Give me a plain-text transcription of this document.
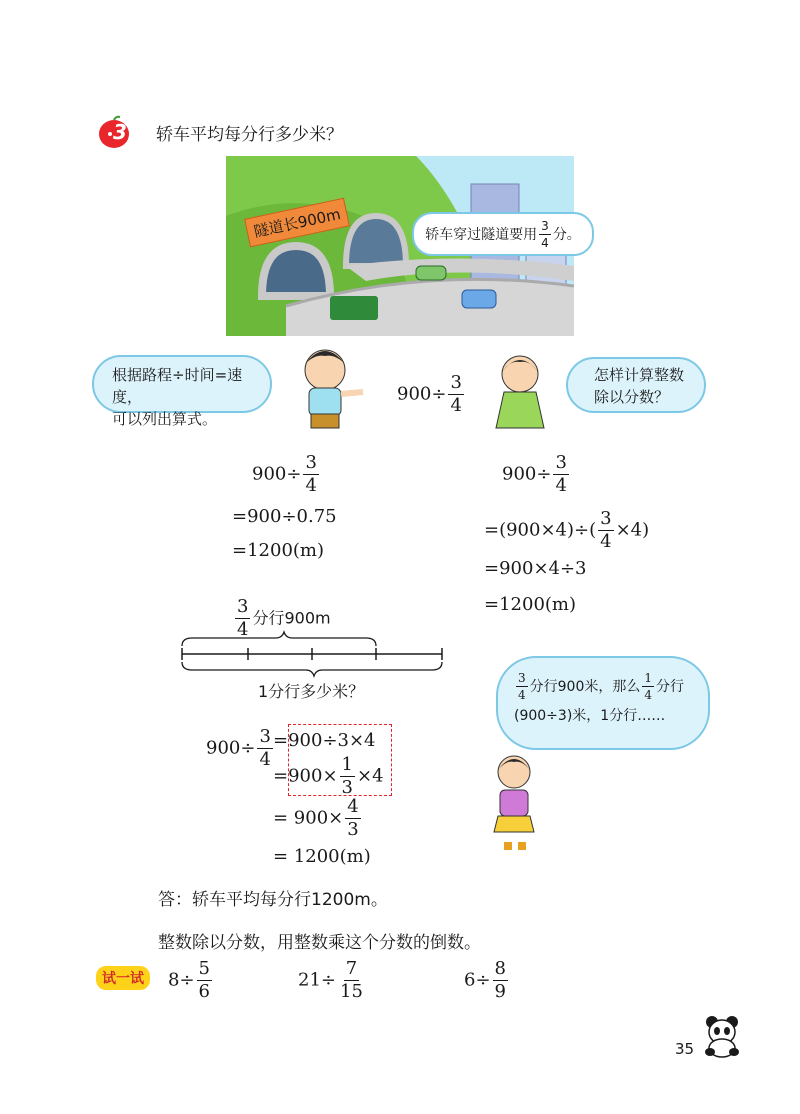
3 轿车平均每分行多少米？
隧道长900m	轿车穿过隧道要用 $\frac{3}{4}$ 分。
根据路程÷时间=速度，
可以列出算式。
$900\div \frac{3}{4}$	怎样计算整数
除以分数？
$900\div \frac{3}{4}$
=900÷0.75
=1200(m)
$900\div \frac{3}{4}$
$=(900\times 4)\div( \frac{3}{4} \times 4)$
=900×4÷3
=1200(m)
$\frac{3}{4}$ 分行900m
1分行多少米？	$\frac{3}{4}$ 分行900米，那么 $\frac{1}{4}$ 分行
(900÷3)米，1分行……
$900\div \frac{3}{4} =900\div 3\times 4$
$=900\times \frac{1}{3} \times 4$
= $900\times \frac{4}{3}$
= 1200(m)
答：轿车平均每分行1200m。
整数除以分数，用整数乘这个分数的倒数。
试一试	$8\div \frac{5}{6}$	$21\div \frac{7}{15}$	$6\div \frac{8}{9}$
35
